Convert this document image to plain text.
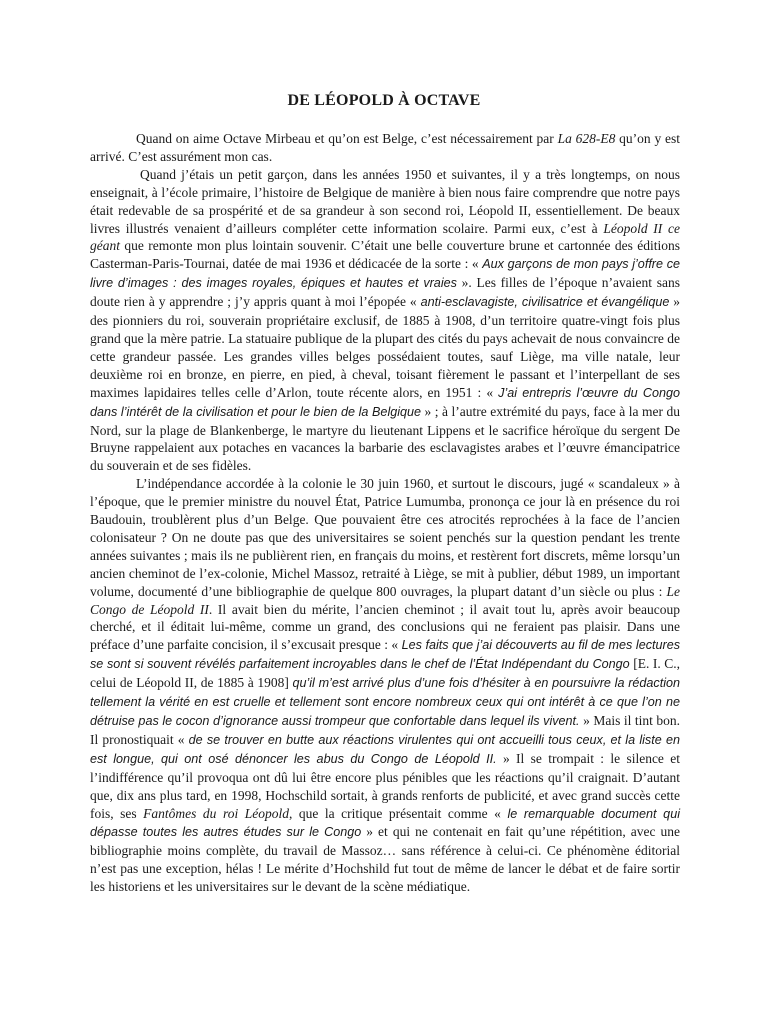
DE LÉOPOLD À OCTAVE

Quand on aime Octave Mirbeau et qu’on est Belge, c’est nécessairement par La 628-E8 qu’on y est arrivé. C’est assurément mon cas.

Quand j’étais un petit garçon, dans les années 1950 et suivantes, il y a très longtemps, on nous enseignait, à l’école primaire, l’histoire de Belgique de manière à bien nous faire comprendre que notre pays était redevable de sa prospérité et de sa grandeur à son second roi, Léopold II, essentiellement. De beaux livres illustrés venaient d’ailleurs compléter cette information scolaire. Parmi eux, c’est à Léopold II ce géant que remonte mon plus lointain souvenir. C’était une belle couverture brune et cartonnée des éditions Casterman-Paris-Tournai, datée de mai 1936 et dédicacée de la sorte : « Aux garçons de mon pays j’offre ce livre d’images : des images royales, épiques et hautes et vraies ». Les filles de l’époque n’avaient sans doute rien à y apprendre ; j’y appris quant à moi l’épopée « anti-esclavagiste, civilisatrice et évangélique » des pionniers du roi, souverain propriétaire exclusif, de 1885 à 1908, d’un territoire quatre-vingt fois plus grand que la mère patrie. La statuaire publique de la plupart des cités du pays achevait de nous convaincre de cette grandeur passée. Les grandes villes belges possédaient toutes, sauf Liège, ma ville natale, leur deuxième roi en bronze, en pierre, en pied, à cheval, toisant fièrement le passant et l’interpellant de ses maximes lapidaires telles celle d’Arlon, toute récente alors, en 1951 : « J’ai entrepris l’œuvre du Congo dans l’intérêt de la civilisation et pour le bien de la Belgique » ; à l’autre extrémité du pays, face à la mer du Nord, sur la plage de Blankenberge, le martyre du lieutenant Lippens et le sacrifice héroïque du sergent De Bruyne rappelaient aux potaches en vacances la barbarie des esclavagistes arabes et l’œuvre émancipatrice du souverain et de ses fidèles.

L’indépendance accordée à la colonie le 30 juin 1960, et surtout le discours, jugé « scandaleux » à l’époque, que le premier ministre du nouvel État, Patrice Lumumba, prononça ce jour là en présence du roi Baudouin, troublèrent plus d’un Belge. Que pouvaient être ces atrocités reprochées à la face de l’ancien colonisateur ? On ne doute pas que des universitaires se soient penchés sur la question pendant les trente années suivantes ; mais ils ne publièrent rien, en français du moins, et restèrent fort discrets, même lorsqu’un ancien cheminot de l’ex-colonie, Michel Massoz, retraité à Liège, se mit à publier, début 1989, un important volume, documenté d’une bibliographie de quelque 800 ouvrages, la plupart datant d’un siècle ou plus : Le Congo de Léopold II. Il avait bien du mérite, l’ancien cheminot ; il avait tout lu, après avoir beaucoup cherché, et il éditait lui-même, comme un grand, des conclusions qui ne feraient pas plaisir. Dans une préface d’une parfaite concision, il s’excusait presque : « Les faits que j’ai découverts au fil de mes lectures se sont si souvent révélés parfaitement incroyables dans le chef de l’État Indépendant du Congo [E. I. C., celui de Léopold II, de 1885 à 1908] qu’il m’est arrivé plus d’une fois d’hésiter à en poursuivre la rédaction tellement la vérité en est cruelle et tellement sont encore nombreux ceux qui ont intérêt à ce que l’on ne détruise pas le cocon d’ignorance aussi trompeur que confortable dans lequel ils vivent. » Mais il tint bon. Il pronostiquait « de se trouver en butte aux réactions virulentes qui ont accueilli tous ceux, et la liste en est longue, qui ont osé dénoncer les abus du Congo de Léopold II. » Il se trompait : le silence et l’indifférence qu’il provoqua ont dû lui être encore plus pénibles que les réactions qu’il craignait. D’autant que, dix ans plus tard, en 1998, Hochschild sortait, à grands renforts de publicité, et avec grand succès cette fois, ses Fantômes du roi Léopold, que la critique présentait comme « le remarquable document qui dépasse toutes les autres études sur le Congo » et qui ne contenait en fait qu’une répétition, avec une bibliographie moins complète, du travail de Massoz… sans référence à celui-ci. Ce phénomène éditorial n’est pas une exception, hélas ! Le mérite d’Hochshild fut tout de même de lancer le débat et de faire sortir les historiens et les universitaires sur le devant de la scène médiatique.
